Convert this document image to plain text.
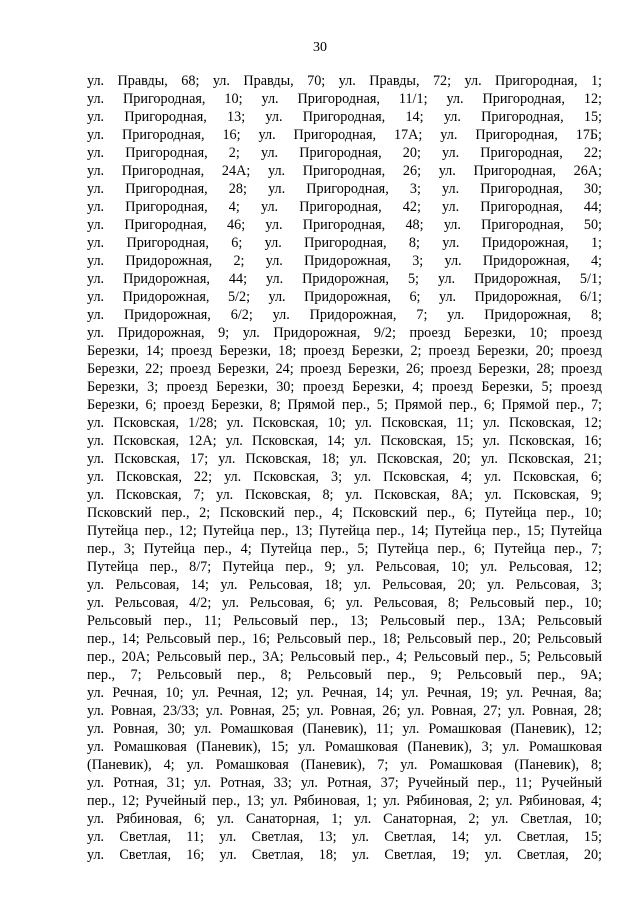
30
ул. Правды, 68; ул. Правды, 70; ул. Правды, 72; ул. Пригородная, 1;
ул. Пригородная, 10; ул. Пригородная, 11/1; ул. Пригородная, 12;
ул. Пригородная, 13; ул. Пригородная, 14; ул. Пригородная, 15;
ул. Пригородная, 16; ул. Пригородная, 17А; ул. Пригородная, 17Б;
ул. Пригородная, 2; ул. Пригородная, 20; ул. Пригородная, 22;
ул. Пригородная, 24А; ул. Пригородная, 26; ул. Пригородная, 26А;
ул. Пригородная, 28; ул. Пригородная, 3; ул. Пригородная, 30;
ул. Пригородная, 4; ул. Пригородная, 42; ул. Пригородная, 44;
ул. Пригородная, 46; ул. Пригородная, 48; ул. Пригородная, 50;
ул. Пригородная, 6; ул. Пригородная, 8; ул. Придорожная, 1;
ул. Придорожная, 2; ул. Придорожная, 3; ул. Придорожная, 4;
ул. Придорожная, 44; ул. Придорожная, 5; ул. Придорожная, 5/1;
ул. Придорожная, 5/2; ул. Придорожная, 6; ул. Придорожная, 6/1;
ул. Придорожная, 6/2; ул. Придорожная, 7; ул. Придорожная, 8;
ул. Придорожная, 9; ул. Придорожная, 9/2; проезд Березки, 10; проезд
Березки, 14; проезд Березки, 18; проезд Березки, 2; проезд Березки, 20; проезд
Березки, 22; проезд Березки, 24; проезд Березки, 26; проезд Березки, 28; проезд
Березки, 3; проезд Березки, 30; проезд Березки, 4; проезд Березки, 5; проезд
Березки, 6; проезд Березки, 8; Прямой пер., 5; Прямой пер., 6; Прямой пер., 7;
ул. Псковская, 1/28; ул. Псковская, 10; ул. Псковская, 11; ул. Псковская, 12;
ул. Псковская, 12А; ул. Псковская, 14; ул. Псковская, 15; ул. Псковская, 16;
ул. Псковская, 17; ул. Псковская, 18; ул. Псковская, 20; ул. Псковская, 21;
ул. Псковская, 22; ул. Псковская, 3; ул. Псковская, 4; ул. Псковская, 6;
ул. Псковская, 7; ул. Псковская, 8; ул. Псковская, 8А; ул. Псковская, 9;
Псковский пер., 2; Псковский пер., 4; Псковский пер., 6; Путейца пер., 10;
Путейца пер., 12; Путейца пер., 13; Путейца пер., 14; Путейца пер., 15; Путейца
пер., 3; Путейца пер., 4; Путейца пер., 5; Путейца пер., 6; Путейца пер., 7;
Путейца пер., 8/7; Путейца пер., 9; ул. Рельсовая, 10; ул. Рельсовая, 12;
ул. Рельсовая, 14; ул. Рельсовая, 18; ул. Рельсовая, 20; ул. Рельсовая, 3;
ул. Рельсовая, 4/2; ул. Рельсовая, 6; ул. Рельсовая, 8; Рельсовый пер., 10;
Рельсовый пер., 11; Рельсовый пер., 13; Рельсовый пер., 13А; Рельсовый
пер., 14; Рельсовый пер., 16; Рельсовый пер., 18; Рельсовый пер., 20; Рельсовый
пер., 20А; Рельсовый пер., 3А; Рельсовый пер., 4; Рельсовый пер., 5; Рельсовый
пер., 7; Рельсовый пер., 8; Рельсовый пер., 9; Рельсовый пер., 9А;
ул. Речная, 10; ул. Речная, 12; ул. Речная, 14; ул. Речная, 19; ул. Речная, 8а;
ул. Ровная, 23/33; ул. Ровная, 25; ул. Ровная, 26; ул. Ровная, 27; ул. Ровная, 28;
ул. Ровная, 30; ул. Ромашковая (Паневик), 11; ул. Ромашковая (Паневик), 12;
ул. Ромашковая (Паневик), 15; ул. Ромашковая (Паневик), 3; ул. Ромашковая
(Паневик), 4; ул. Ромашковая (Паневик), 7; ул. Ромашковая (Паневик), 8;
ул. Ротная, 31; ул. Ротная, 33; ул. Ротная, 37; Ручейный пер., 11; Ручейный
пер., 12; Ручейный пер., 13; ул. Рябиновая, 1; ул. Рябиновая, 2; ул. Рябиновая, 4;
ул. Рябиновая, 6; ул. Санаторная, 1; ул. Санаторная, 2; ул. Светлая, 10;
ул. Светлая, 11; ул. Светлая, 13; ул. Светлая, 14; ул. Светлая, 15;
ул. Светлая, 16; ул. Светлая, 18; ул. Светлая, 19; ул. Светлая, 20;
